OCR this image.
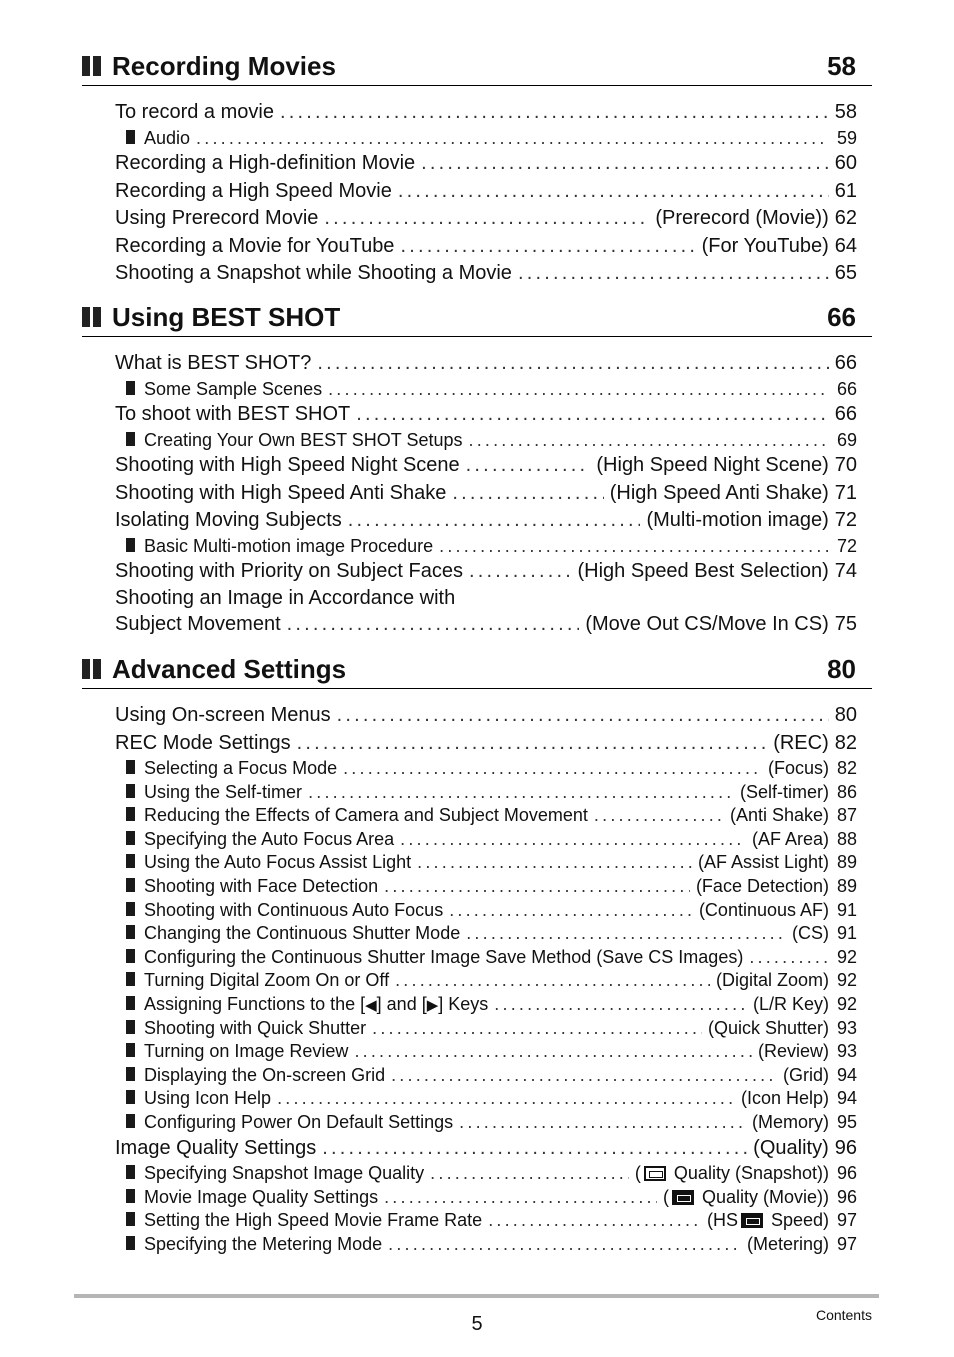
Recording Movies	58
To record a movie .....	58
Audio .....	59
Recording a High-definition Movie .....	60
Recording a High Speed Movie .....	61
Using Prerecord Movie .....	(Prerecord (Movie)) 62
Recording a Movie for YouTube .....	(For YouTube) 64
Shooting a Snapshot while Shooting a Movie .....	65
Using BEST SHOT	66
What is BEST SHOT? .....	66
Some Sample Scenes .....	66
To shoot with BEST SHOT .....	66
Creating Your Own BEST SHOT Setups .....	69
Shooting with High Speed Night Scene .....	(High Speed Night Scene) 70
Shooting with High Speed Anti Shake .....	(High Speed Anti Shake) 71
Isolating Moving Subjects .....	(Multi-motion image) 72
Basic Multi-motion image Procedure .....	72
Shooting with Priority on Subject Faces .....	(High Speed Best Selection) 74
Shooting an Image in Accordance with
Subject Movement .....	(Move Out CS/Move In CS) 75
Advanced Settings	80
Using On-screen Menus .....	80
REC Mode Settings .....	(REC) 82
Selecting a Focus Mode .....	(Focus) 82
Using the Self-timer .....	(Self-timer) 86
Reducing the Effects of Camera and Subject Movement .....	(Anti Shake) 87
Specifying the Auto Focus Area .....	(AF Area) 88
Using the Auto Focus Assist Light .....	(AF Assist Light) 89
Shooting with Face Detection .....	(Face Detection) 89
Shooting with Continuous Auto Focus .....	(Continuous AF) 91
Changing the Continuous Shutter Mode .....	(CS) 91
Configuring the Continuous Shutter Image Save Method (Save CS Images) .....	92
Turning Digital Zoom On or Off .....	(Digital Zoom) 92
Assigning Functions to the [◀] and [▶] Keys .....	(L/R Key) 92
Shooting with Quick Shutter .....	(Quick Shutter) 93
Turning on Image Review .....	(Review) 93
Displaying the On-screen Grid .....	(Grid) 94
Using Icon Help .....	(Icon Help) 94
Configuring Power On Default Settings .....	(Memory) 95
Image Quality Settings .....	(Quality) 96
Specifying Snapshot Image Quality .....	( Quality (Snapshot)) 96
Movie Image Quality Settings .....	( Quality (Movie)) 96
Setting the High Speed Movie Frame Rate .....	(HS Speed) 97
Specifying the Metering Mode .....	(Metering) 97
5	Contents
